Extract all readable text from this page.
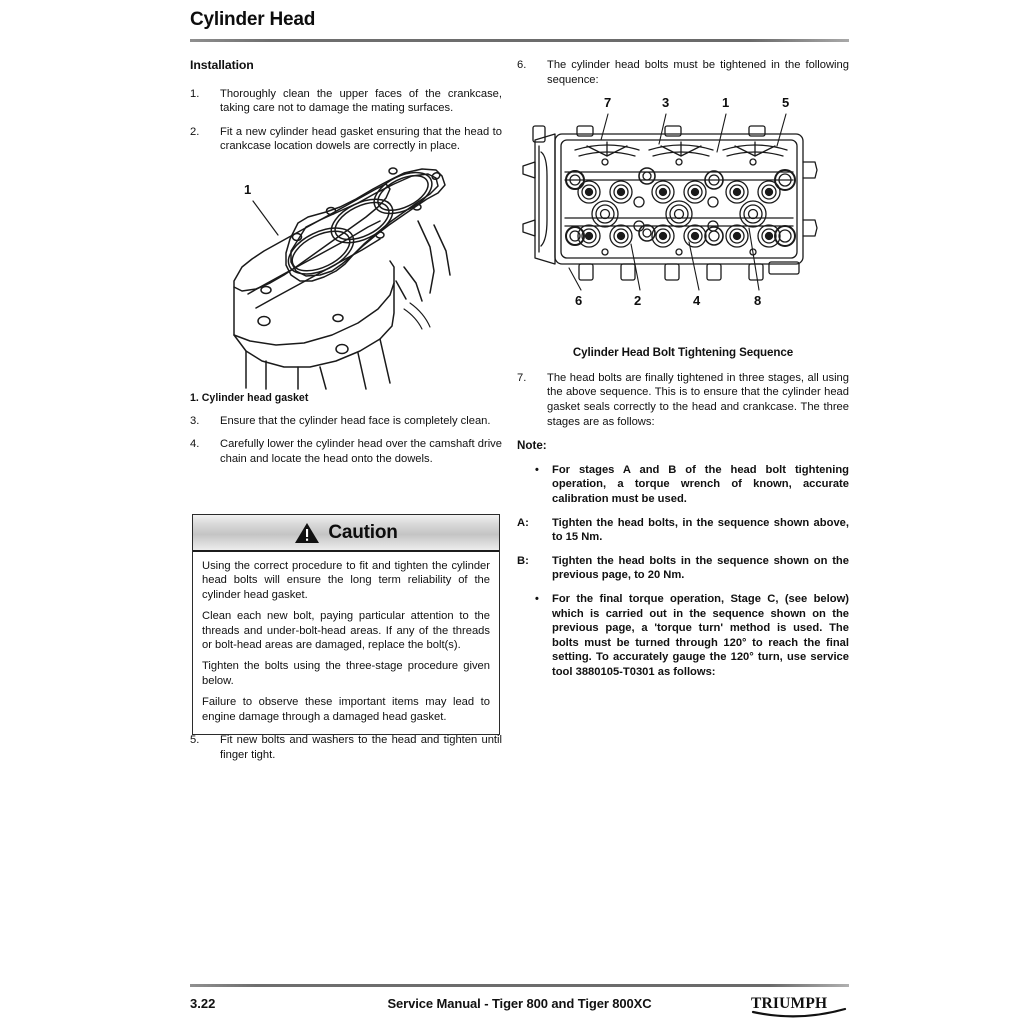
Cylinder Head
Installation
1.	Thoroughly clean the upper faces of the crankcase, taking care not to damage the mating surfaces.
2.	Fit a new cylinder head gasket ensuring that the head to crankcase location dowels are correctly in place.
1
1. Cylinder head gasket
3.	Ensure that the cylinder head face is completely clean.
4.	Carefully lower the cylinder head over the camshaft drive chain and locate the head onto the dowels.
Caution

Using the correct procedure to fit and tighten the cylinder head bolts will ensure the long term reliability of the cylinder head gasket.

Clean each new bolt, paying particular attention to the threads and under-bolt-head areas. If any of the threads or bolt-head areas are damaged, replace the bolt(s).

Tighten the bolts using the three-stage procedure given below.

Failure to observe these important items may lead to engine damage through a damaged head gasket.

5.	Fit new bolts and washers to the head and tighten until finger tight.
6.	The cylinder head bolts must be tightened in the following sequence:
7	3	1	5
6	2	4	8
Cylinder Head Bolt Tightening Sequence
7.	The head bolts are finally tightened in three stages, all using the above sequence. This is to ensure that the cylinder head gasket seals correctly to the head and crankcase. The three stages are as follows:
Note:
•	For stages A and B of the head bolt tightening operation, a torque wrench of known, accurate calibration must be used.
A:	Tighten the head bolts, in the sequence shown above, to 15 Nm.
B:	Tighten the head bolts in the sequence shown on the previous page, to 20 Nm.
•	For the final torque operation, Stage C, (see below) which is carried out in the sequence shown on the previous page, a 'torque turn' method is used. The bolts must be turned through 120° to reach the final setting. To accurately gauge the 120° turn, use service tool 3880105-T0301 as follows:
3.22	Service Manual - Tiger 800 and Tiger 800XC	TRIUMPH
